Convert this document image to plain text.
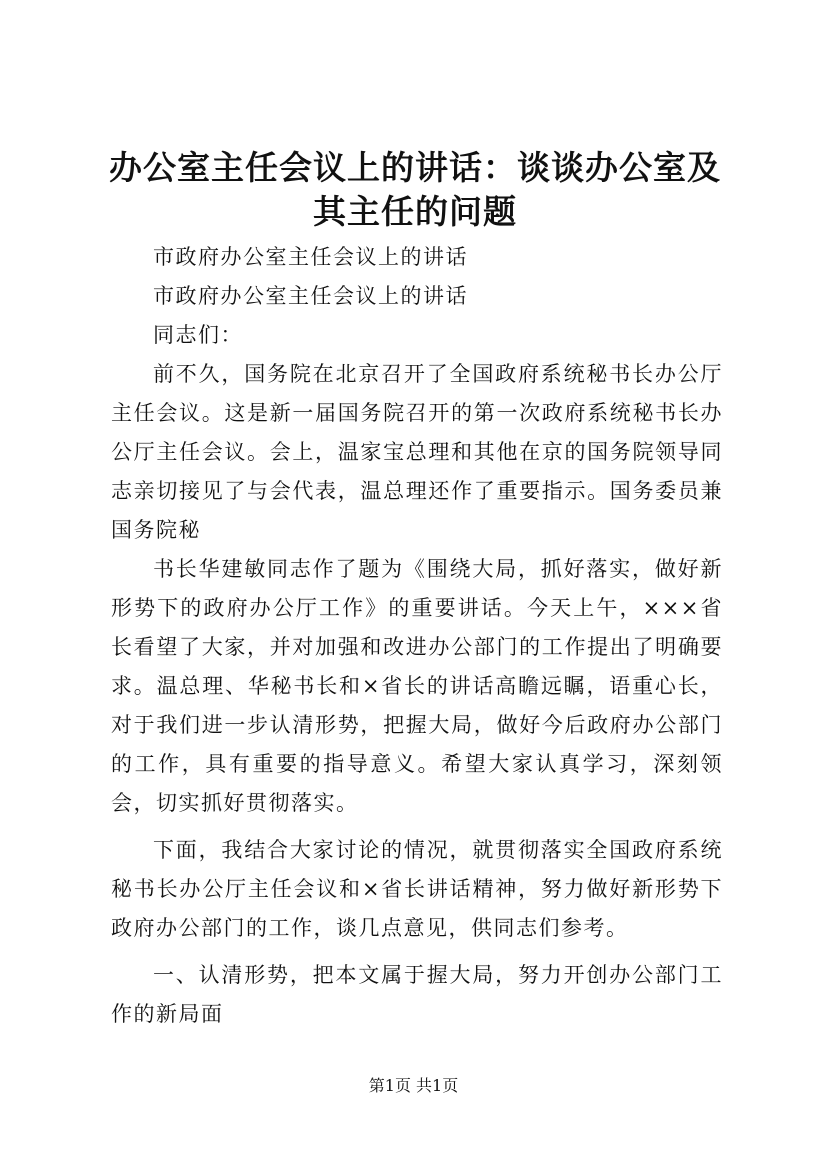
办公室主任会议上的讲话：谈谈办公室及其主任的问题

市政府办公室主任会议上的讲话

市政府办公室主任会议上的讲话

同志们：

前不久，国务院在北京召开了全国政府系统秘书长办公厅主任会议。这是新一届国务院召开的第一次政府系统秘书长办公厅主任会议。会上，温家宝总理和其他在京的国务院领导同志亲切接见了与会代表，温总理还作了重要指示。国务委员兼国务院秘

书长华建敏同志作了题为《围绕大局，抓好落实，做好新形势下的政府办公厅工作》的重要讲话。今天上午，×××省长看望了大家，并对加强和改进办公部门的工作提出了明确要求。温总理、华秘书长和×省长的讲话高瞻远瞩，语重心长，对于我们进一步认清形势，把握大局，做好今后政府办公部门的工作，具有重要的指导意义。希望大家认真学习，深刻领会，切实抓好贯彻落实。

下面，我结合大家讨论的情况，就贯彻落实全国政府系统秘书长办公厅主任会议和×省长讲话精神，努力做好新形势下政府办公部门的工作，谈几点意见，供同志们参考。

一、认清形势，把本文属于握大局，努力开创办公部门工作的新局面

第1页 共1页
